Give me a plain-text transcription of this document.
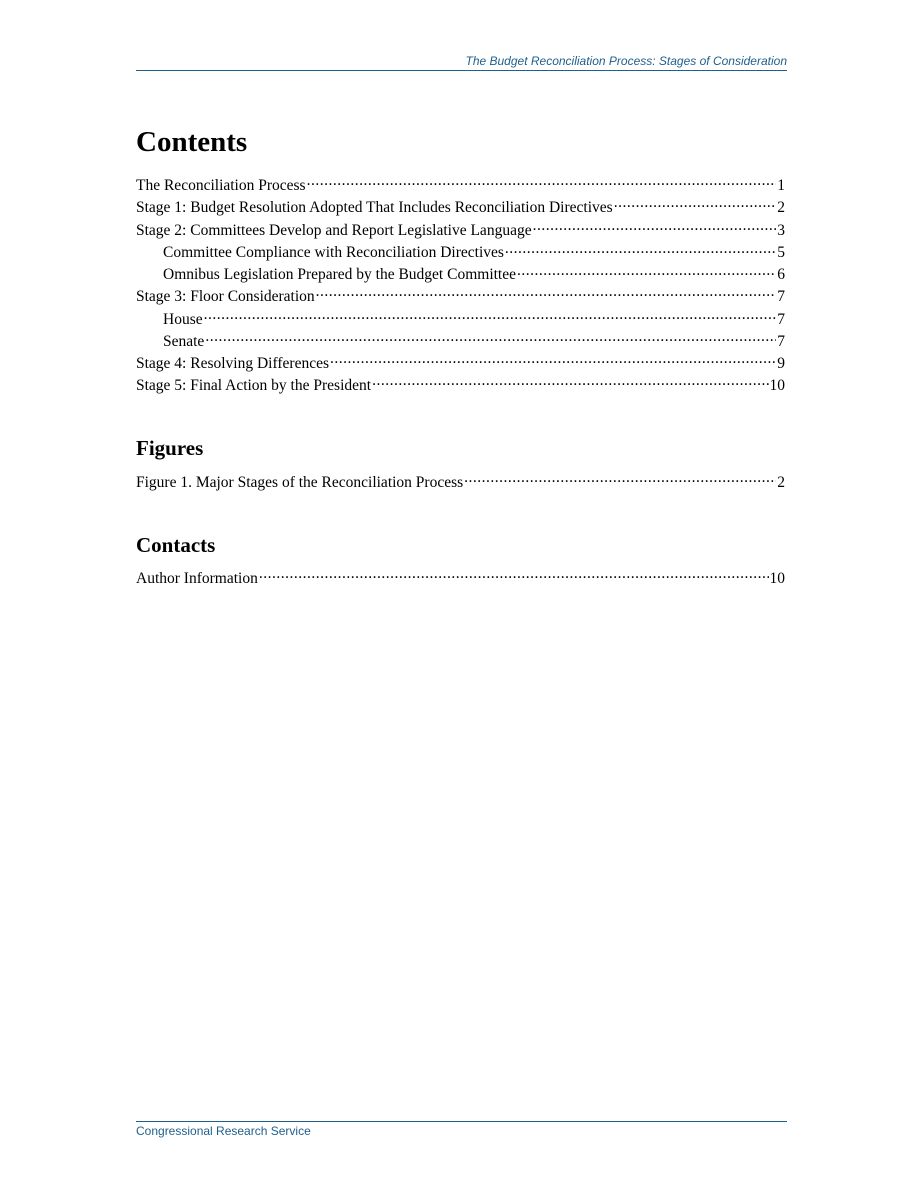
The Budget Reconciliation Process: Stages of Consideration
Contents
The Reconciliation Process .....	1
Stage 1: Budget Resolution Adopted That Includes Reconciliation Directives .....	2
Stage 2: Committees Develop and Report Legislative Language .....	3
Committee Compliance with Reconciliation Directives .....	5
Omnibus Legislation Prepared by the Budget Committee .....	6
Stage 3: Floor Consideration .....	7
House .....	7
Senate .....	7
Stage 4: Resolving Differences .....	9
Stage 5: Final Action by the President .....	10
Figures
Figure 1. Major Stages of the Reconciliation Process .....	2
Contacts
Author Information .....	10
Congressional Research Service
